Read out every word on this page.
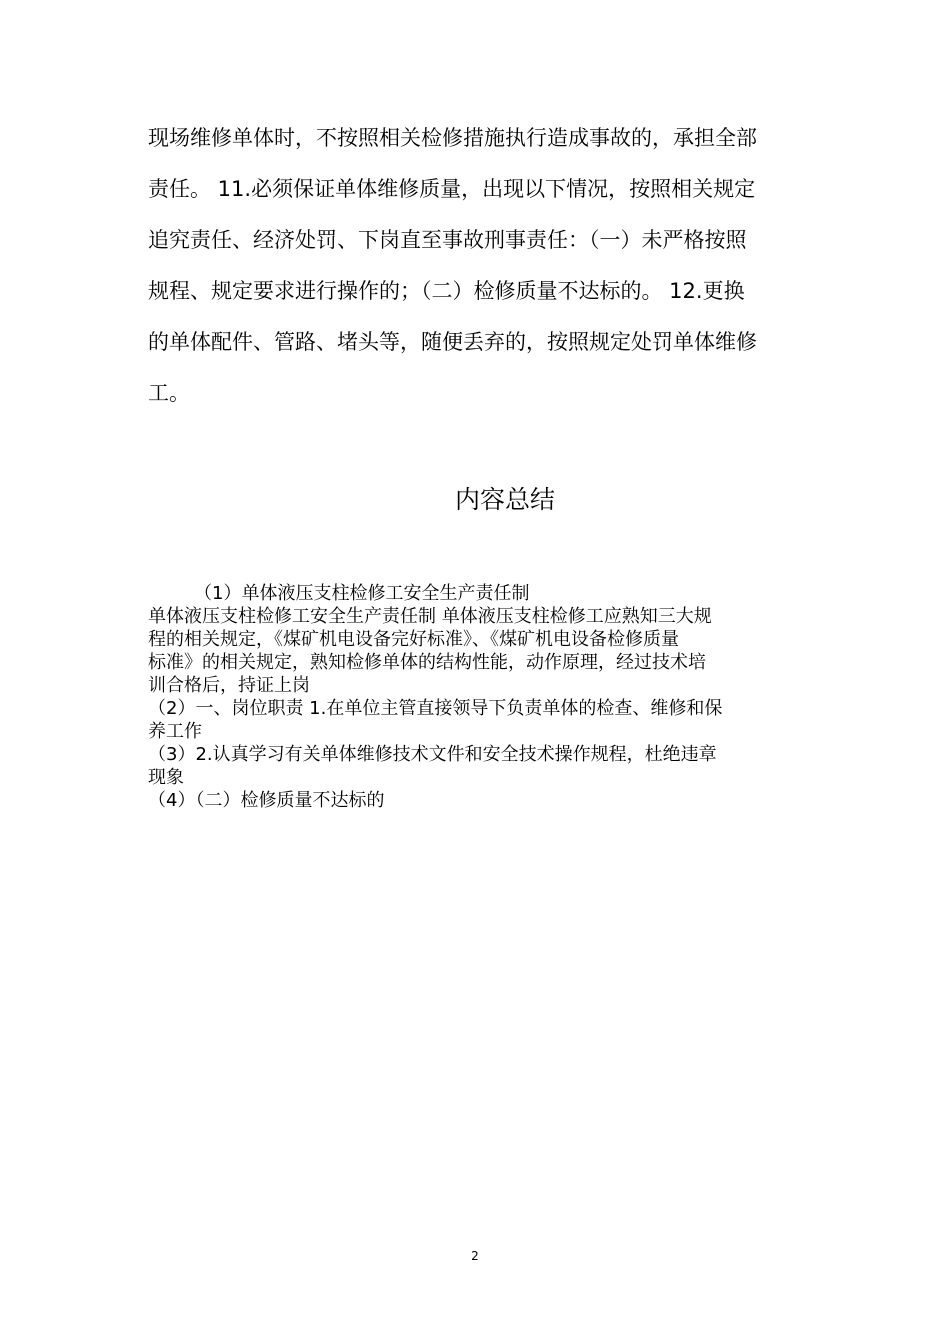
现场维修单体时，不按照相关检修措施执行造成事故的，承担全部
责任。 11.必须保证单体维修质量，出现以下情况，按照相关规定
追究责任、经济处罚、下岗直至事故刑事责任：（一）未严格按照
规程、规定要求进行操作的；（二）检修质量不达标的。 12.更换
的单体配件、管路、堵头等，随便丢弃的，按照规定处罚单体维修
工。
内容总结
（1）单体液压支柱检修工安全生产责任制
单体液压支柱检修工安全生产责任制 单体液压支柱检修工应熟知三大规
程的相关规定，《煤矿机电设备完好标准》、《煤矿机电设备检修质量
标准》的相关规定，熟知检修单体的结构性能，动作原理，经过技术培
训合格后，持证上岗
（2）一、岗位职责 1.在单位主管直接领导下负责单体的检查、维修和保
养工作
（3）2.认真学习有关单体维修技术文件和安全技术操作规程，杜绝违章
现象
（4）（二）检修质量不达标的
2
